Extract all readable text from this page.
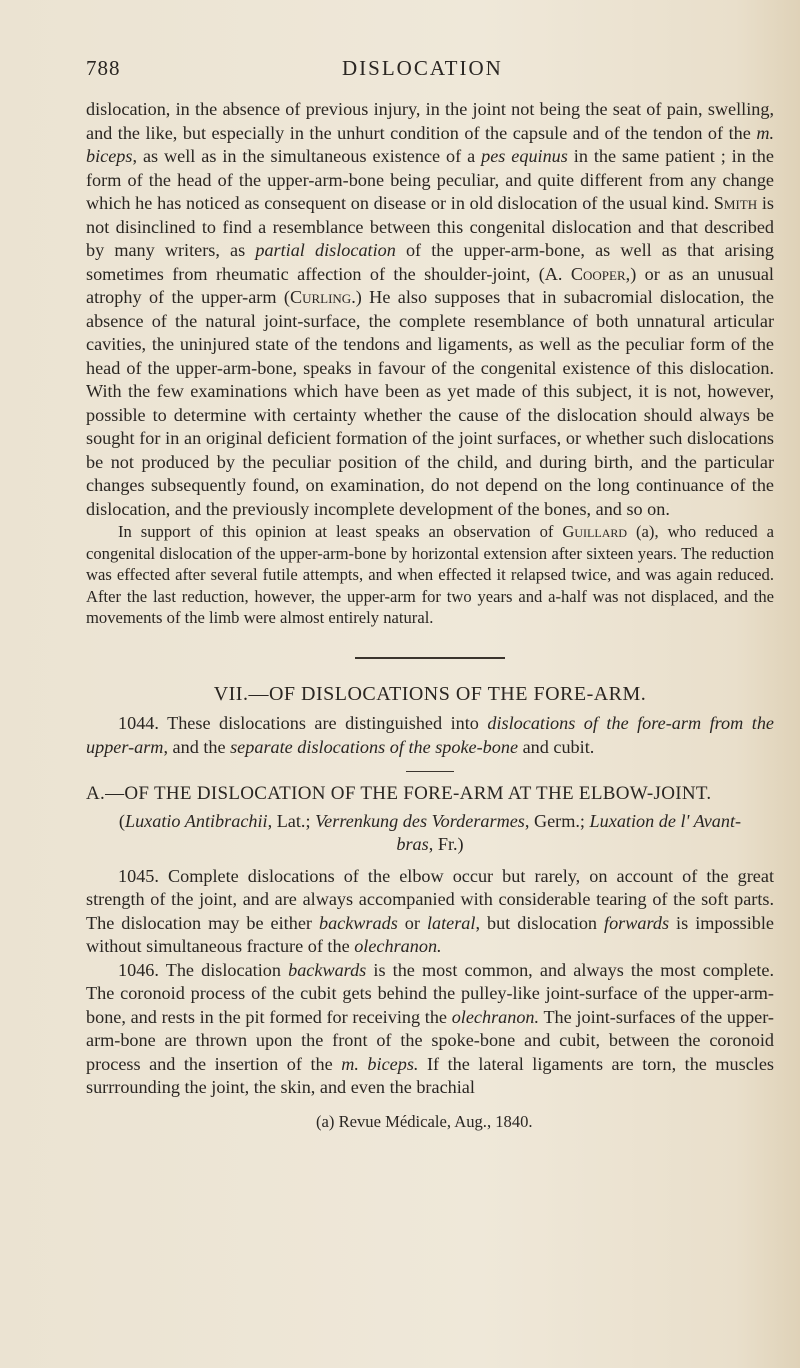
788	DISLOCATION

dislocation, in the absence of previous injury, in the joint not being the seat of pain, swelling, and the like, but especially in the unhurt condition of the capsule and of the tendon of the m. biceps, as well as in the simultaneous existence of a pes equinus in the same patient ; in the form of the head of the upper-arm-bone being peculiar, and quite different from any change which he has noticed as consequent on disease or in old dislocation of the usual kind. Smith is not disinclined to find a resemblance between this congenital dislocation and that described by many writers, as partial dislocation of the upper-arm-bone, as well as that arising sometimes from rheumatic affection of the shoulder-joint, (A. Cooper,) or as an unusual atrophy of the upper-arm (Curling.) He also supposes that in subacromial dislocation, the absence of the natural joint-surface, the complete resemblance of both unnatural articular cavities, the uninjured state of the tendons and ligaments, as well as the peculiar form of the head of the upper-arm-bone, speaks in favour of the congenital existence of this dislocation. With the few examinations which have been as yet made of this subject, it is not, however, possible to determine with certainty whether the cause of the dislocation should always be sought for in an original deficient formation of the joint surfaces, or whether such dislocations be not produced by the peculiar position of the child, and during birth, and the particular changes subsequently found, on examination, do not depend on the long continuance of the dislocation, and the previously incomplete development of the bones, and so on.

In support of this opinion at least speaks an observation of Guillard (a), who reduced a congenital dislocation of the upper-arm-bone by horizontal extension after sixteen years. The reduction was effected after several futile attempts, and when effected it relapsed twice, and was again reduced. After the last reduction, however, the upper-arm for two years and a-half was not displaced, and the movements of the limb were almost entirely natural.

VII.—OF DISLOCATIONS OF THE FORE-ARM.

1044. These dislocations are distinguished into dislocations of the fore-arm from the upper-arm, and the separate dislocations of the spoke-bone and cubit.

A.—OF THE DISLOCATION OF THE FORE-ARM AT THE ELBOW-JOINT.

(Luxatio Antibrachii, Lat.; Verrenkung des Vorderarmes, Germ.; Luxation de l' Avant-bras, Fr.)

1045. Complete dislocations of the elbow occur but rarely, on account of the great strength of the joint, and are always accompanied with considerable tearing of the soft parts. The dislocation may be either backwrads or lateral, but dislocation forwards is impossible without simultaneous fracture of the olechranon.

1046. The dislocation backwards is the most common, and always the most complete. The coronoid process of the cubit gets behind the pulley-like joint-surface of the upper-arm-bone, and rests in the pit formed for receiving the olechranon. The joint-surfaces of the upper-arm-bone are thrown upon the front of the spoke-bone and cubit, between the coronoid process and the insertion of the m. biceps. If the lateral ligaments are torn, the muscles surrrounding the joint, the skin, and even the brachial

(a) Revue Médicale, Aug., 1840.
